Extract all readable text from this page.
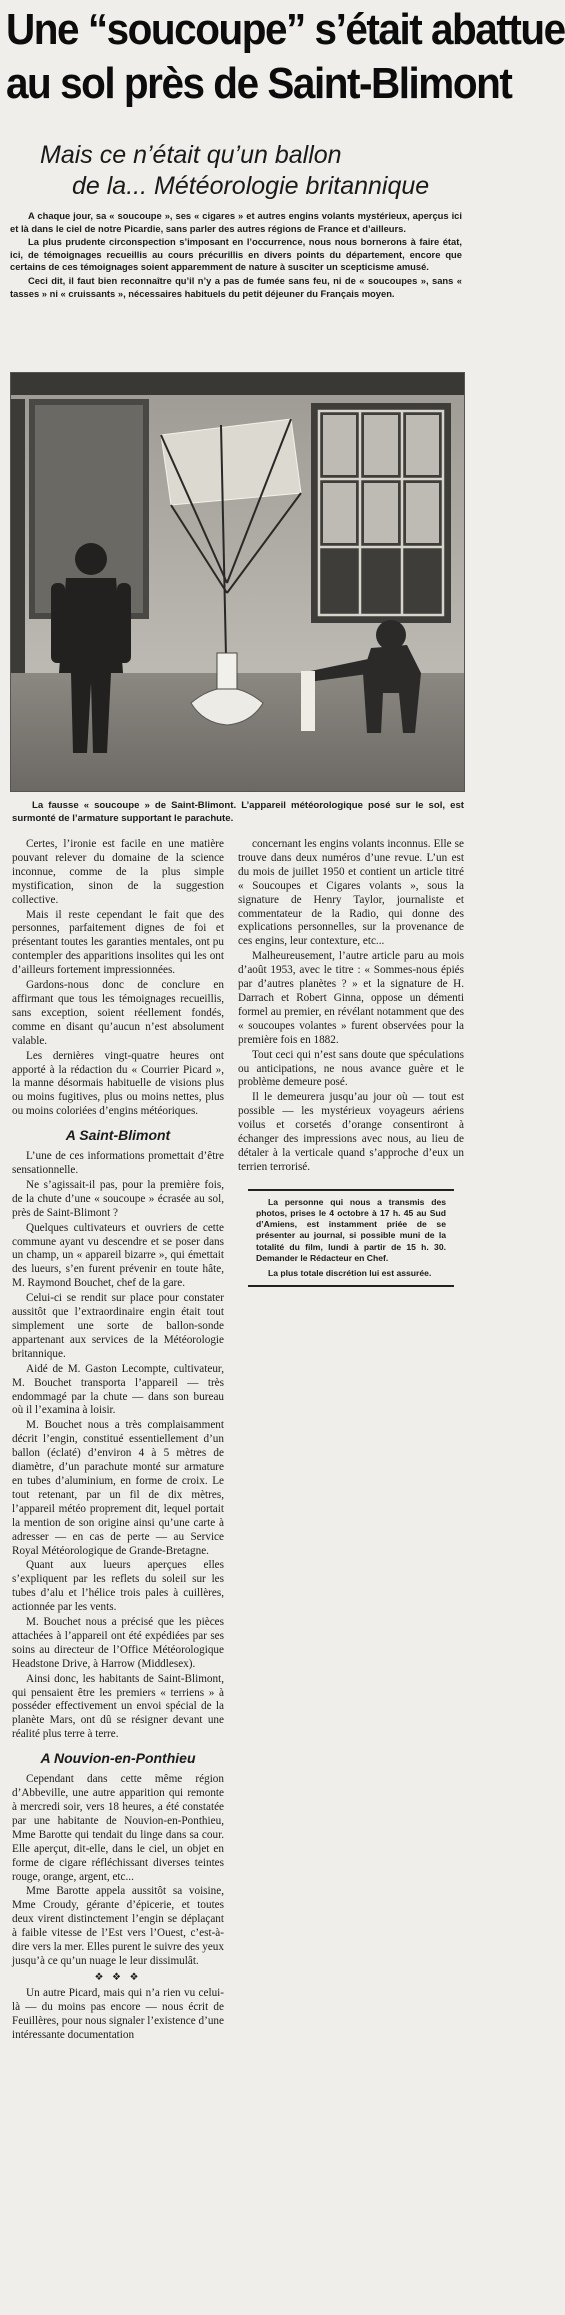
Une “soucoupe” s’était abattue
au sol près de Saint-Blimont
Mais ce n’était qu’un ballon
de la... Météorologie britannique

A chaque jour, sa « soucoupe », ses « cigares » et autres engins volants mystérieux, aperçus ici et là dans le ciel de notre Picardie, sans parler des autres régions de France et d’ailleurs.

La plus prudente circonspection s’imposant en l’occurrence, nous nous bornerons à faire état, ici, de témoignages recueillis au cours précurillis en divers points du département, encore que certains de ces témoignages soient apparemment de nature à susciter un scepticisme amusé.

Ceci dit, il faut bien reconnaître qu’il n’y a pas de fumée sans feu, ni de « soucoupes », sans « tasses » ni « cruissants », nécessaires habituels du petit déjeuner du Français moyen.

La fausse « soucoupe » de Saint-Blimont. L’appareil météorologique posé sur le sol, est surmonté de l’armature supportant le parachute.

Certes, l’ironie est facile en une matière pouvant relever du domaine de la science inconnue, comme de la plus simple mystification, sinon de la suggestion collective.

Mais il reste cependant le fait que des personnes, parfaitement dignes de foi et présentant toutes les garanties mentales, ont pu contempler des apparitions insolites qui les ont d’ailleurs fortement impressionnées.

Gardons-nous donc de conclure en affirmant que tous les témoignages recueillis, sans exception, soient réellement fondés, comme en disant qu’aucun n’est absolument valable.

Les dernières vingt-quatre heures ont apporté à la rédaction du « Courrier Picard », la manne désormais habituelle de visions plus ou moins fugitives, plus ou moins nettes, plus ou moins coloriées d’engins météoriques.

A Saint-Blimont

L’une de ces informations promettait d’être sensationnelle.

Ne s’agissait-il pas, pour la première fois, de la chute d’une « soucoupe » écrasée au sol, près de Saint-Blimont ?

Quelques cultivateurs et ouvriers de cette commune ayant vu descendre et se poser dans un champ, un « appareil bizarre », qui émettait des lueurs, s’en furent prévenir en toute hâte, M. Raymond Bouchet, chef de la gare.

Celui-ci se rendit sur place pour constater aussitôt que l’extraordinaire engin était tout simplement une sorte de ballon-sonde appartenant aux services de la Météorologie britannique.

Aidé de M. Gaston Lecompte, cultivateur, M. Bouchet transporta l’appareil — très endommagé par la chute — dans son bureau où il l’examina à loisir.

M. Bouchet nous a très complaisamment décrit l’engin, constitué essentiellement d’un ballon (éclaté) d’environ 4 à 5 mètres de diamètre, d’un parachute monté sur armature en tubes d’aluminium, en forme de croix. Le tout retenant, par un fil de dix mètres, l’appareil météo proprement dit, lequel portait la mention de son origine ainsi qu’une carte à adresser — en cas de perte — au Service Royal Météorologique de Grande-Bretagne.

Quant aux lueurs aperçues elles s’expliquent par les reflets du soleil sur les tubes d’alu et l’hélice trois pales à cuillères, actionnée par les vents.

M. Bouchet nous a précisé que les pièces attachées à l’appareil ont été expédiées par ses soins au directeur de l’Office Météorologique Headstone Drive, à Harrow (Middlesex).

Ainsi donc, les habitants de Saint-Blimont, qui pensaient être les premiers « terriens » à posséder effectivement un envoi spécial de la planète Mars, ont dû se résigner devant une réalité plus terre à terre.

A Nouvion-en-Ponthieu

Cependant dans cette même région d’Abbeville, une autre apparition qui remonte à mercredi soir, vers 18 heures, a été constatée par une habitante de Nouvion-en-Ponthieu, Mme Barotte qui tendait du linge dans sa cour. Elle aperçut, dit-elle, dans le ciel, un objet en forme de cigare réfléchissant diverses teintes rouge, orange, argent, etc...

Mme Barotte appela aussitôt sa voisine, Mme Croudy, gérante d’épicerie, et toutes deux virent distinctement l’engin se déplaçant à faible vitesse de l’Est vers l’Ouest, c’est-à-dire vers la mer. Elles purent le suivre des yeux jusqu’à ce qu’un nuage le leur dissimulât.

❖ ❖ ❖

Un autre Picard, mais qui n’a rien vu celui-là — du moins pas encore — nous écrit de Feuillères, pour nous signaler l’existence d’une intéressante documentation

concernant les engins volants inconnus. Elle se trouve dans deux numéros d’une revue. L’un est du mois de juillet 1950 et contient un article titré « Soucoupes et Cigares volants », sous la signature de Henry Taylor, journaliste et commentateur de la Radio, qui donne des explications personnelles, sur la provenance de ces engins, leur contexture, etc...

Malheureusement, l’autre article paru au mois d’août 1953, avec le titre : « Sommes-nous épiés par d’autres planètes ? » et la signature de H. Darrach et Robert Ginna, oppose un démenti formel au premier, en révélant notamment que des « soucoupes volantes » furent observées pour la première fois en 1882.

Tout ceci qui n’est sans doute que spéculations ou anticipations, ne nous avance guère et le problème demeure posé.

Il le demeurera jusqu’au jour où — tout est possible — les mystérieux voyageurs aériens voilus et corsetés d’orange consentiront à échanger des impressions avec nous, au lieu de détaler à la verticale quand s’approche d’eux un terrien terrorisé.

La personne qui nous a transmis des photos, prises le 4 octobre à 17 h. 45 au Sud d’Amiens, est instamment priée de se présenter au journal, si possible muni de la totalité du film, lundi à partir de 15 h. 30. Demander le Rédacteur en Chef.

La plus totale discrétion lui est assurée.
